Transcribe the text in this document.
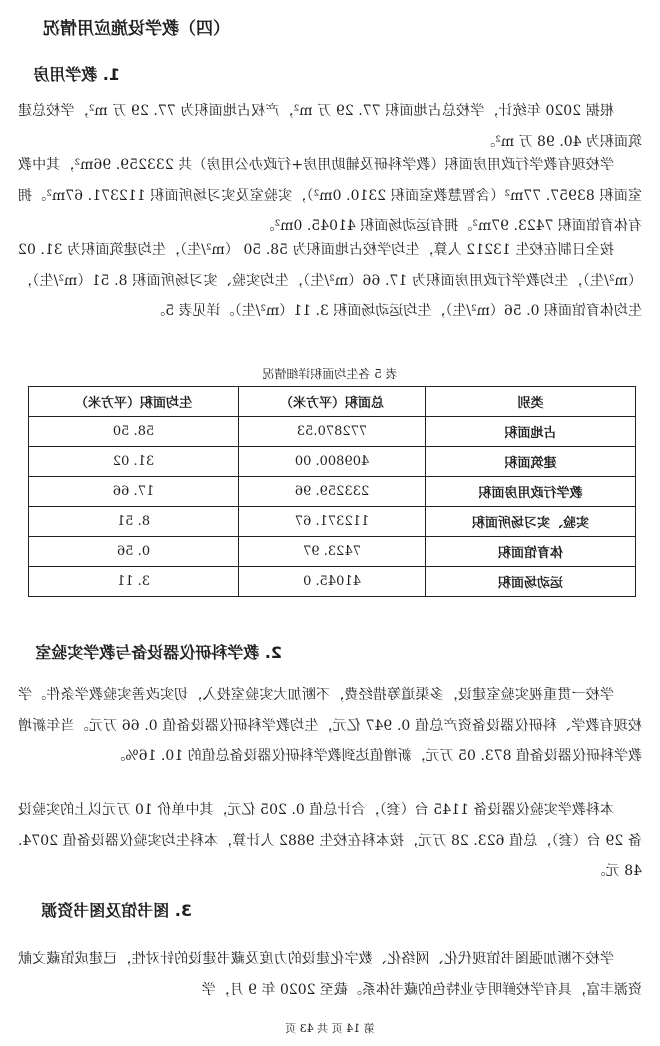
（四）教学设施应用情况
1. 教学用房

根据 2020 年统计，学校总占地面积 77. 29 万 m²，产权占地面积为 77. 29 万 m²，学校总建筑面积为 40. 98 万 m²。

学校现有教学行政用房面积（教学科研及辅助用房+行政办公用房）共 233259. 96m²，其中教室面积 83957. 77m²（含智慧教室面积 2310. 0m²），实验室及实习场所面积 112371. 67m²。拥有体育馆面积 7423. 97m²。拥有运动场面积 41045. 0m²。

按全日制在校生 13212 人算，生均学校占地面积为 58. 50 （m²/生），生均建筑面积为 31. 02（m²/生），生均教学行政用房面积为 17. 66（m²/生），生均实验、实习场所面积 8. 51（m²/生），生均体育馆面积 0. 56（m²/生），生均运动场面积 3. 11（m²/生）。详见表 5。

表 5 各生均面积详细情况
类别	总面积（平方米）	生均面积（平方米）
占地面积	772870.53	58. 50
建筑面积	409800. 00	31. 02
教学行政用房面积	233259. 96	17. 66
实验、实习场所面积	112371. 67	8. 51
体育馆面积	7423. 97	0. 56
运动场面积	41045. 0	3. 11
2. 教学科研仪器设备与教学实验室

学校一贯重视实验室建设，多渠道筹措经费，不断加大实验室投入，切实改善实验教学条件。学校现有教学、科研仪器设备资产总值 0. 947 亿元，生均教学科研仪器设备值 0. 66 万元。当年新增教学科研仪器设备值 873. 05 万元，新增值达到教学科研仪器设备总值的 10. 16%。

本科教学实验仪器设备 1145 台（套），合计总值 0. 205 亿元，其中单价 10 万元以上的实验设备 29 台（套），总值 623. 28 万元，按本科在校生 9882 人计算，本科生均实验仪器设备值 2074. 48 元。

3. 图书馆及图书资源

学校不断加强图书馆现代化、网络化、数字化建设的力度及藏书建设的针对性，已建成馆藏文献资源丰富，具有学校鲜明专业特色的藏书体系。截至 2020 年 9 月，学

第 14 页 共 43 页
